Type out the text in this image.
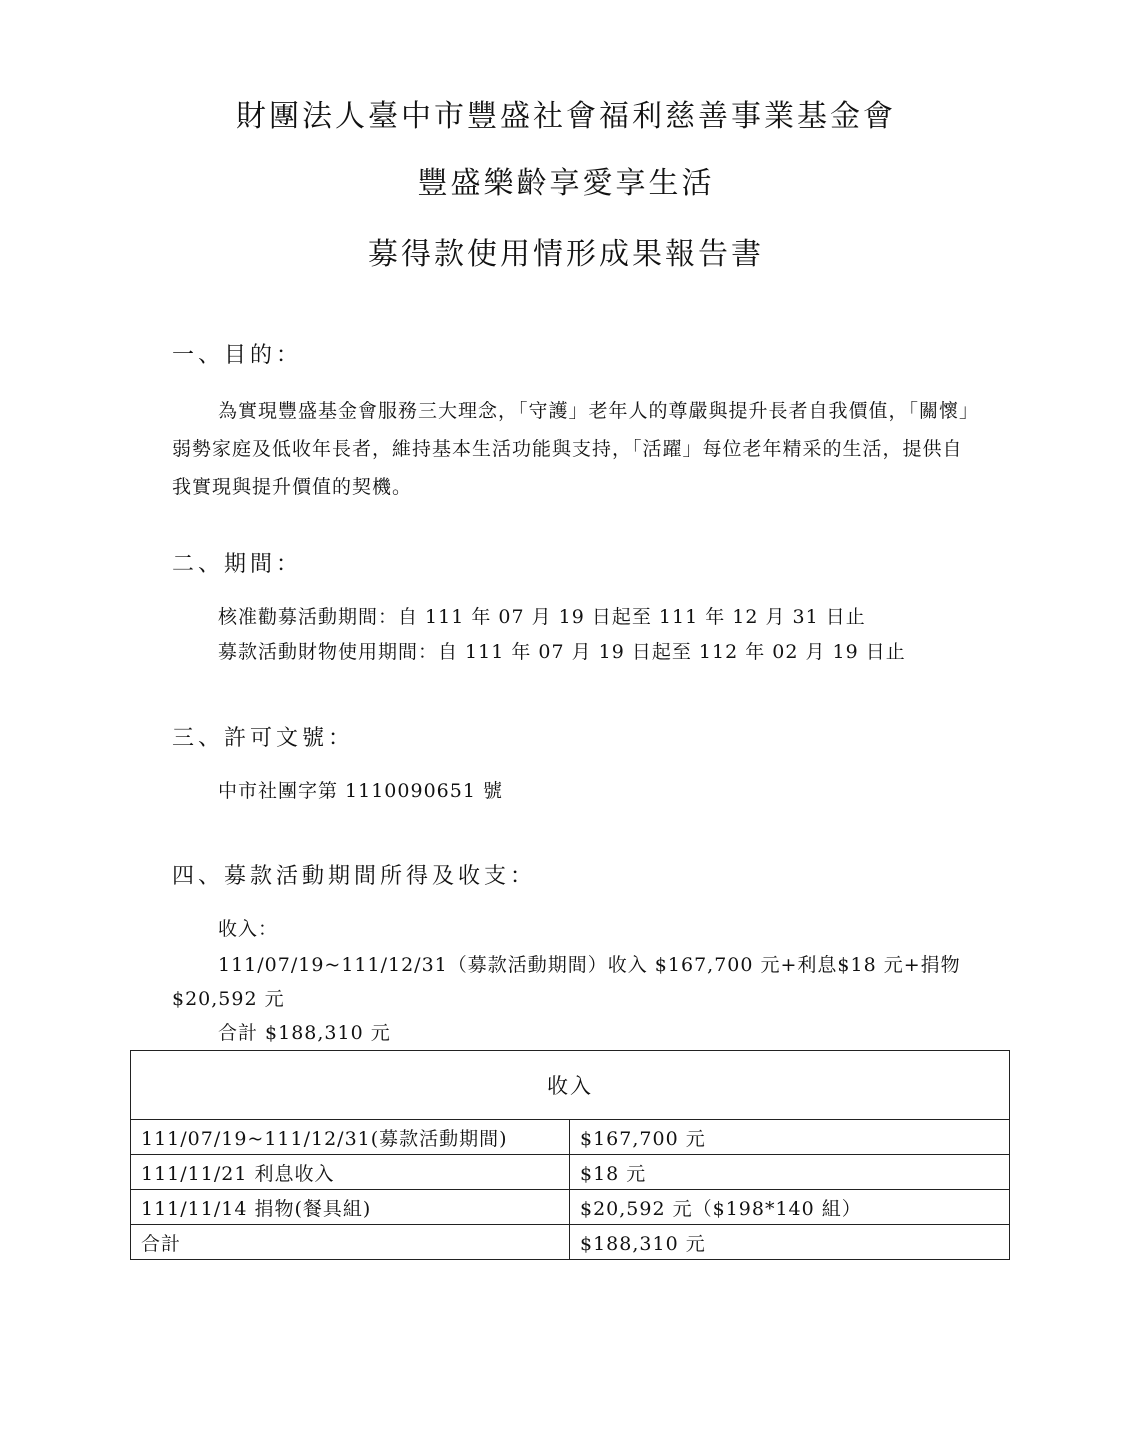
財團法人臺中市豐盛社會福利慈善事業基金會
豐盛樂齡享愛享生活
募得款使用情形成果報告書
一、目的：
為實現豐盛基金會服務三大理念，「守護」老年人的尊嚴與提升長者自我價值，「關懷」弱勢家庭及低收年長者，維持基本生活功能與支持，「活躍」每位老年精采的生活，提供自我實現與提升價值的契機。
二、期間：
核准勸募活動期間：自 111 年 07 月 19 日起至 111 年 12 月 31 日止
募款活動財物使用期間：自 111 年 07 月 19 日起至 112 年 02 月 19 日止
三、許可文號：
中市社團字第 1110090651 號
四、募款活動期間所得及收支：
收入：
111/07/19~111/12/31（募款活動期間）收入 $167,700 元+利息$18 元+捐物$20,592 元
合計 $188,310 元
收入	
111/07/19~111/12/31(募款活動期間)	$167,700 元
111/11/21 利息收入	$18 元
111/11/14 捐物(餐具組)	$20,592 元（$198*140 組）
合計	$188,310 元
